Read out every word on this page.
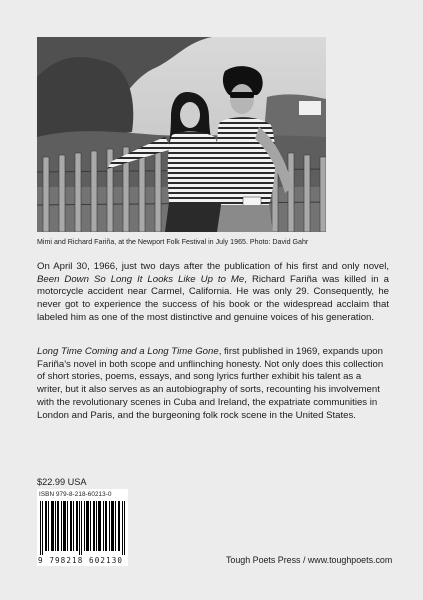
Mimi and Richard Fariña, at the Newport Folk Festival in July 1965. Photo: David Gahr

On April 30, 1966, just two days after the publication of his first and only novel, Been Down So Long It Looks Like Up to Me, Richard Fariña was killed in a motorcycle accident near Carmel, California. He was only 29. Consequently, he never got to experience the success of his book or the widespread acclaim that labeled him as one of the most distinctive and genuine voices of his generation.

Long Time Coming and a Long Time Gone, first published in 1969, expands upon Fariña's novel in both scope and unflinching honesty. Not only does this collection of short stories, poems, essays, and song lyrics further exhibit his talent as a writer, but it also serves as an autobiography of sorts, recounting his involvement with the revolutionary scenes in Cuba and Ireland, the expatriate communities in London and Paris, and the burgeoning folk rock scene in the United States.

$22.99 USA
ISBN 979-8-218-60213-0
9 798218 602130	Tough Poets Press / www.toughpoets.com
